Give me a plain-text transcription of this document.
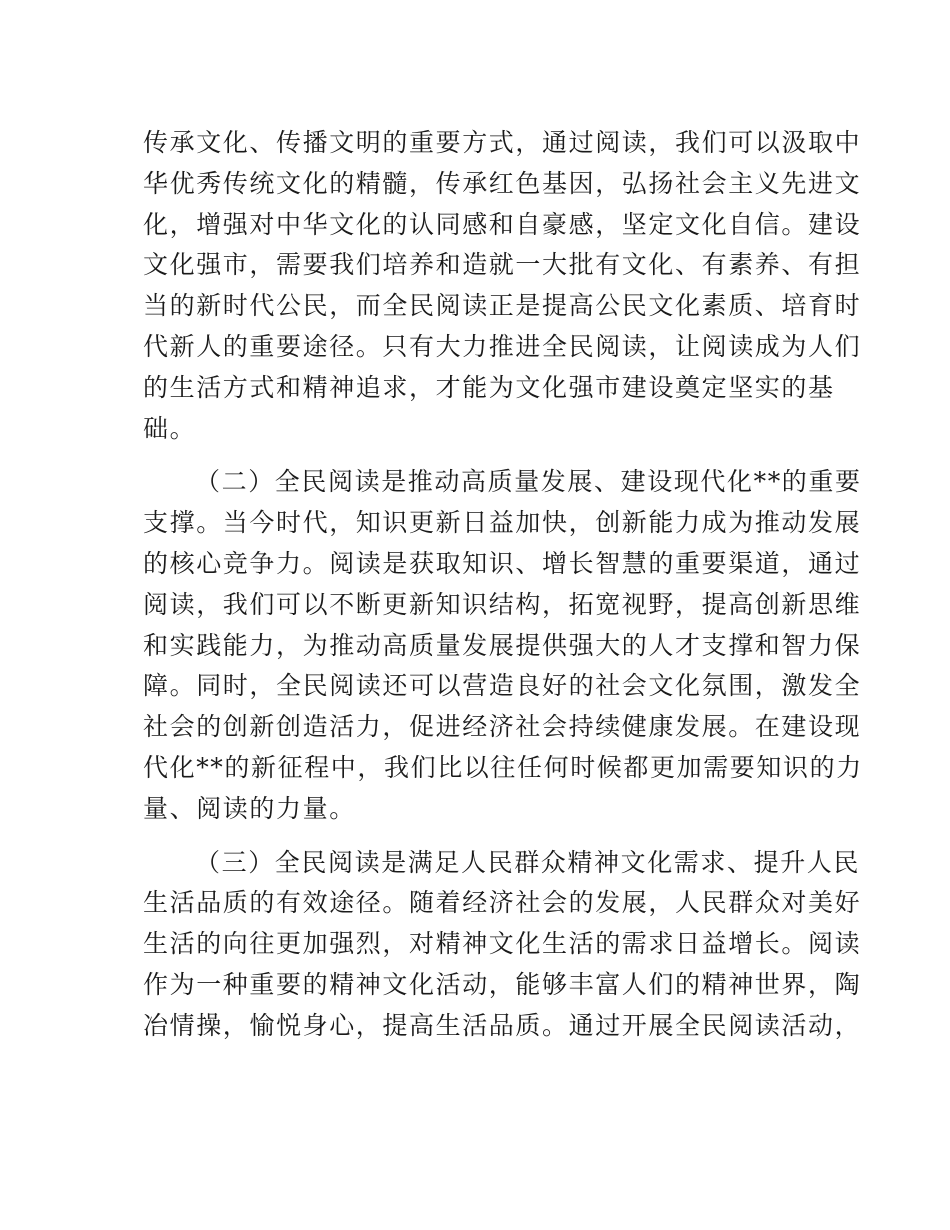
传承文化、传播文明的重要方式，通过阅读，我们可以汲取中
华优秀传统文化的精髓，传承红色基因，弘扬社会主义先进文
化，增强对中华文化的认同感和自豪感，坚定文化自信。建设
文化强市，需要我们培养和造就一大批有文化、有素养、有担
当的新时代公民，而全民阅读正是提高公民文化素质、培育时
代新人的重要途径。只有大力推进全民阅读，让阅读成为人们
的生活方式和精神追求，才能为文化强市建设奠定坚实的基
础。
（二）全民阅读是推动高质量发展、建设现代化**的重要
支撑。当今时代，知识更新日益加快，创新能力成为推动发展
的核心竞争力。阅读是获取知识、增长智慧的重要渠道，通过
阅读，我们可以不断更新知识结构，拓宽视野，提高创新思维
和实践能力，为推动高质量发展提供强大的人才支撑和智力保
障。同时，全民阅读还可以营造良好的社会文化氛围，激发全
社会的创新创造活力，促进经济社会持续健康发展。在建设现
代化**的新征程中，我们比以往任何时候都更加需要知识的力
量、阅读的力量。
（三）全民阅读是满足人民群众精神文化需求、提升人民
生活品质的有效途径。随着经济社会的发展，人民群众对美好
生活的向往更加强烈，对精神文化生活的需求日益增长。阅读
作为一种重要的精神文化活动，能够丰富人们的精神世界，陶
冶情操，愉悦身心，提高生活品质。通过开展全民阅读活动，
